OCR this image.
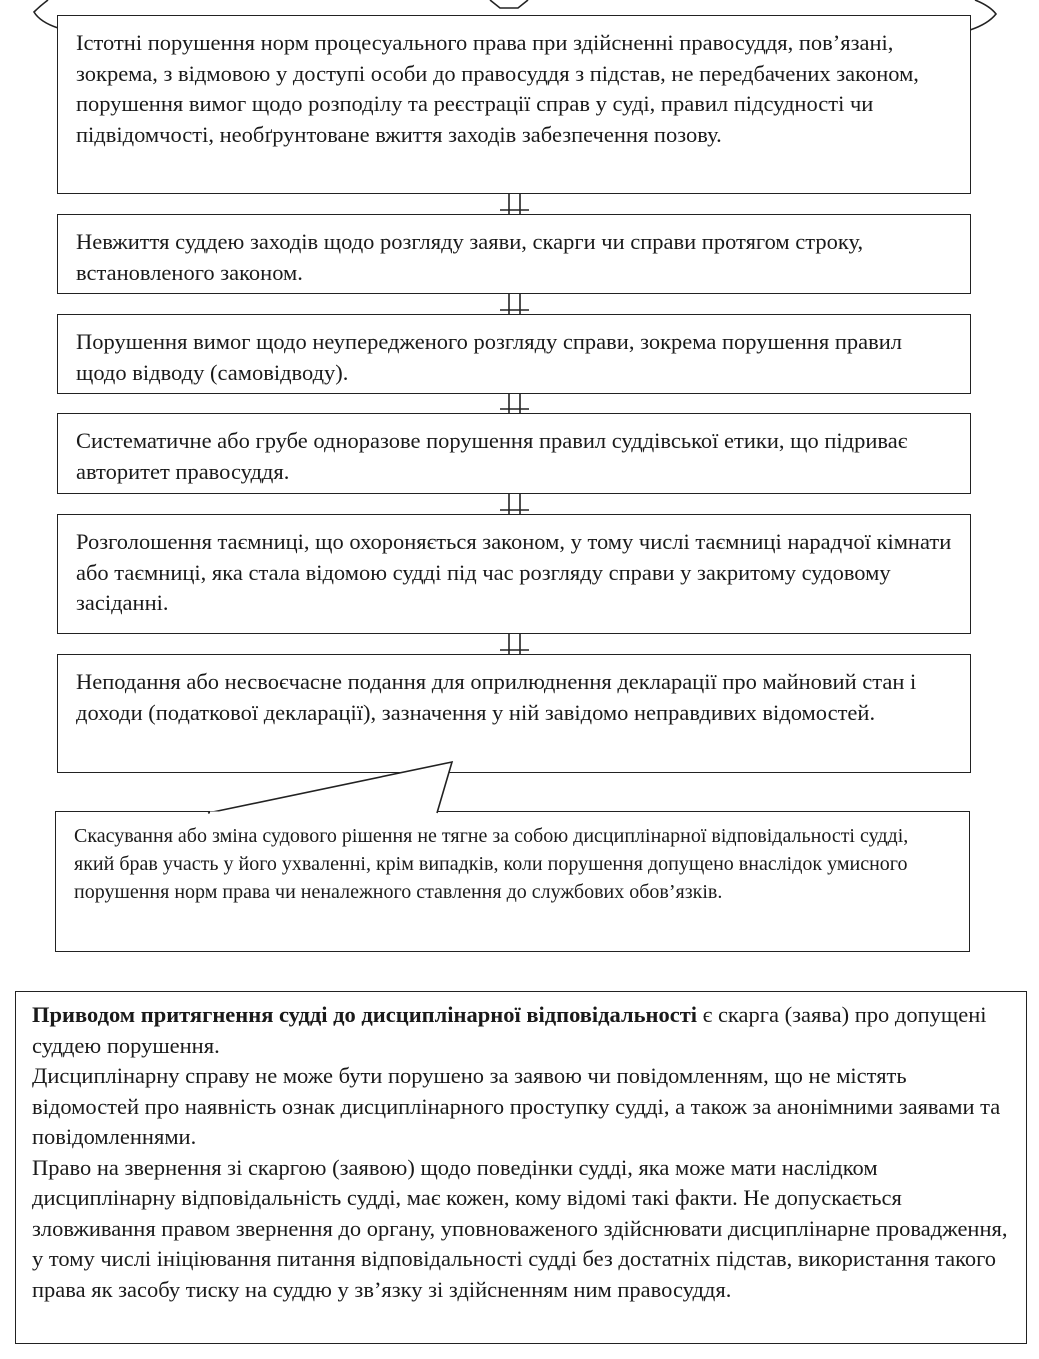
Істотні порушення норм процесуального права при здійсненні правосуддя, пов’язані, зокрема, з відмовою у доступі особи до правосуддя з підстав, не передбачених законом, порушення вимог щодо розподілу та реєстрації справ у суді, правил підсудності чи підвідомчості, необґрунтоване вжиття заходів забезпечення позову.

Невжиття суддею заходів щодо розгляду заяви, скарги чи справи протягом строку, встановленого законом.

Порушення вимог щодо неупередженого розгляду справи, зокрема порушення правил щодо відводу (самовідводу).

Систематичне або грубе одноразове порушення правил суддівської етики, що підриває авторитет правосуддя.

Розголошення таємниці, що охороняється законом, у тому числі таємниці нарадчої кімнати або таємниці, яка стала відомою судді під час розгляду справи у закритому судовому засіданні.

Неподання або несвоєчасне подання для оприлюднення декларації про майновий стан і доходи (податкової декларації), зазначення у ній завідомо неправдивих відомостей.

Скасування або зміна судового рішення не тягне за собою дисциплінарної відповідальності судді, який брав участь у його ухваленні, крім випадків, коли порушення допущено внаслідок умисного порушення норм права чи неналежного ставлення до службових обов’язків.

Приводом притягнення судді до дисциплінарної відповідальності є скарга (заява) про допущені суддею порушення.

Дисциплінарну справу не може бути порушено за заявою чи повідомленням, що не містять відомостей про наявність ознак дисциплінарного проступку судді, а також за анонімними заявами та повідомленнями.

Право на звернення зі скаргою (заявою) щодо поведінки судді, яка може мати наслідком дисциплінарну відповідальність судді, має кожен, кому відомі такі факти. Не допускається зловживання правом звернення до органу, уповноваженого здійснювати дисциплінарне провадження, у тому числі ініціювання питання відповідальності судді без достатніх підстав, використання такого права як засобу тиску на суддю у зв’язку зі здійсненням ним правосуддя.
